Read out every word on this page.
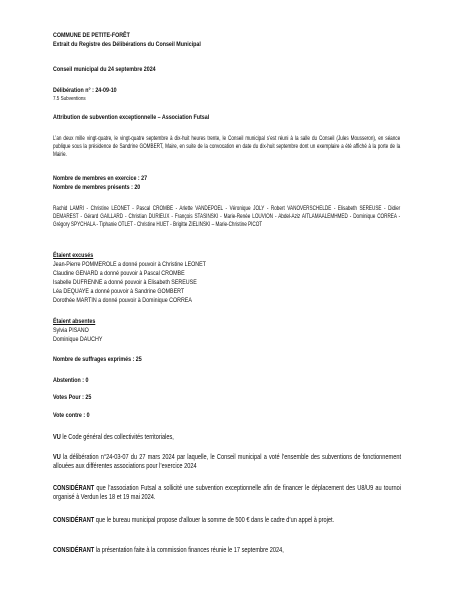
COMMUNE DE PETITE-FORÊT
Extrait du Registre des Délibérations du Conseil Municipal
Conseil municipal du 24 septembre 2024
Délibération n° : 24-09-10
7.5 Subventions
Attribution de subvention exceptionnelle – Association Futsal
L’an deux mille vingt-quatre, le vingt-quatre septembre à dix-huit heures trente, le Conseil municipal s’est réuni à la salle du Conseil (Jules Mousseron), en séance publique sous la présidence de Sandrine GOMBERT, Maire, en suite de la convocation en date du dix-huit septembre dont un exemplaire a été affiché à la porte de la Mairie.
Nombre de membres en exercice : 27
Nombre de membres présents : 20
Rachid LAMRI - Christine LEONET - Pascal CROMBE - Arlette VANDEPOEL - Véronique JOLY - Robert VANOVERSCHELDE - Elisabeth SEREUSE - Didier DEMAREST - Gérard GAILLARD - Christian DURIEUX - François STASINSKI - Marie-Renée LOUVION - Abdel-Aziz AITLAMAALEMHMED - Dominique CORREA - Grégory SPYCHALA - Tiphanie OTLET - Christine HUET - Brigitte ZIELINSKI – Marie-Christine PICOT
Étaient excusés
Jean-Pierre POMMEROLE a donné pouvoir à Christine LEONET
Claudine GENARD a donné pouvoir à Pascal CROMBE
Isabelle DUFRENNE a donné pouvoir à Elisabeth SEREUSE
Léa DEQUAYE a donné pouvoir à Sandrine GOMBERT
Dorothée MARTIN a donné pouvoir à Dominique CORREA
Étaient absentes
Sylvia PISANO
Dominique DAUCHY
Nombre de suffrages exprimés : 25
Abstention : 0
Votes Pour : 25
Vote contre : 0
VU le Code général des collectivités territoriales,
VU la délibération n°24-03-07 du 27 mars 2024 par laquelle, le Conseil municipal a voté l’ensemble des subventions de fonctionnement allouées aux différentes associations pour l’exercice 2024
CONSIDÉRANT que l’association Futsal a sollicité une subvention exceptionnelle afin de financer le déplacement des U8/U9 au tournoi organisé à Verdun les 18 et 19 mai 2024.
CONSIDÉRANT que le bureau municipal propose d’allouer la somme de 500 € dans le cadre d’un appel à projet.
CONSIDÉRANT la présentation faite à la commission finances réunie le 17 septembre 2024,
